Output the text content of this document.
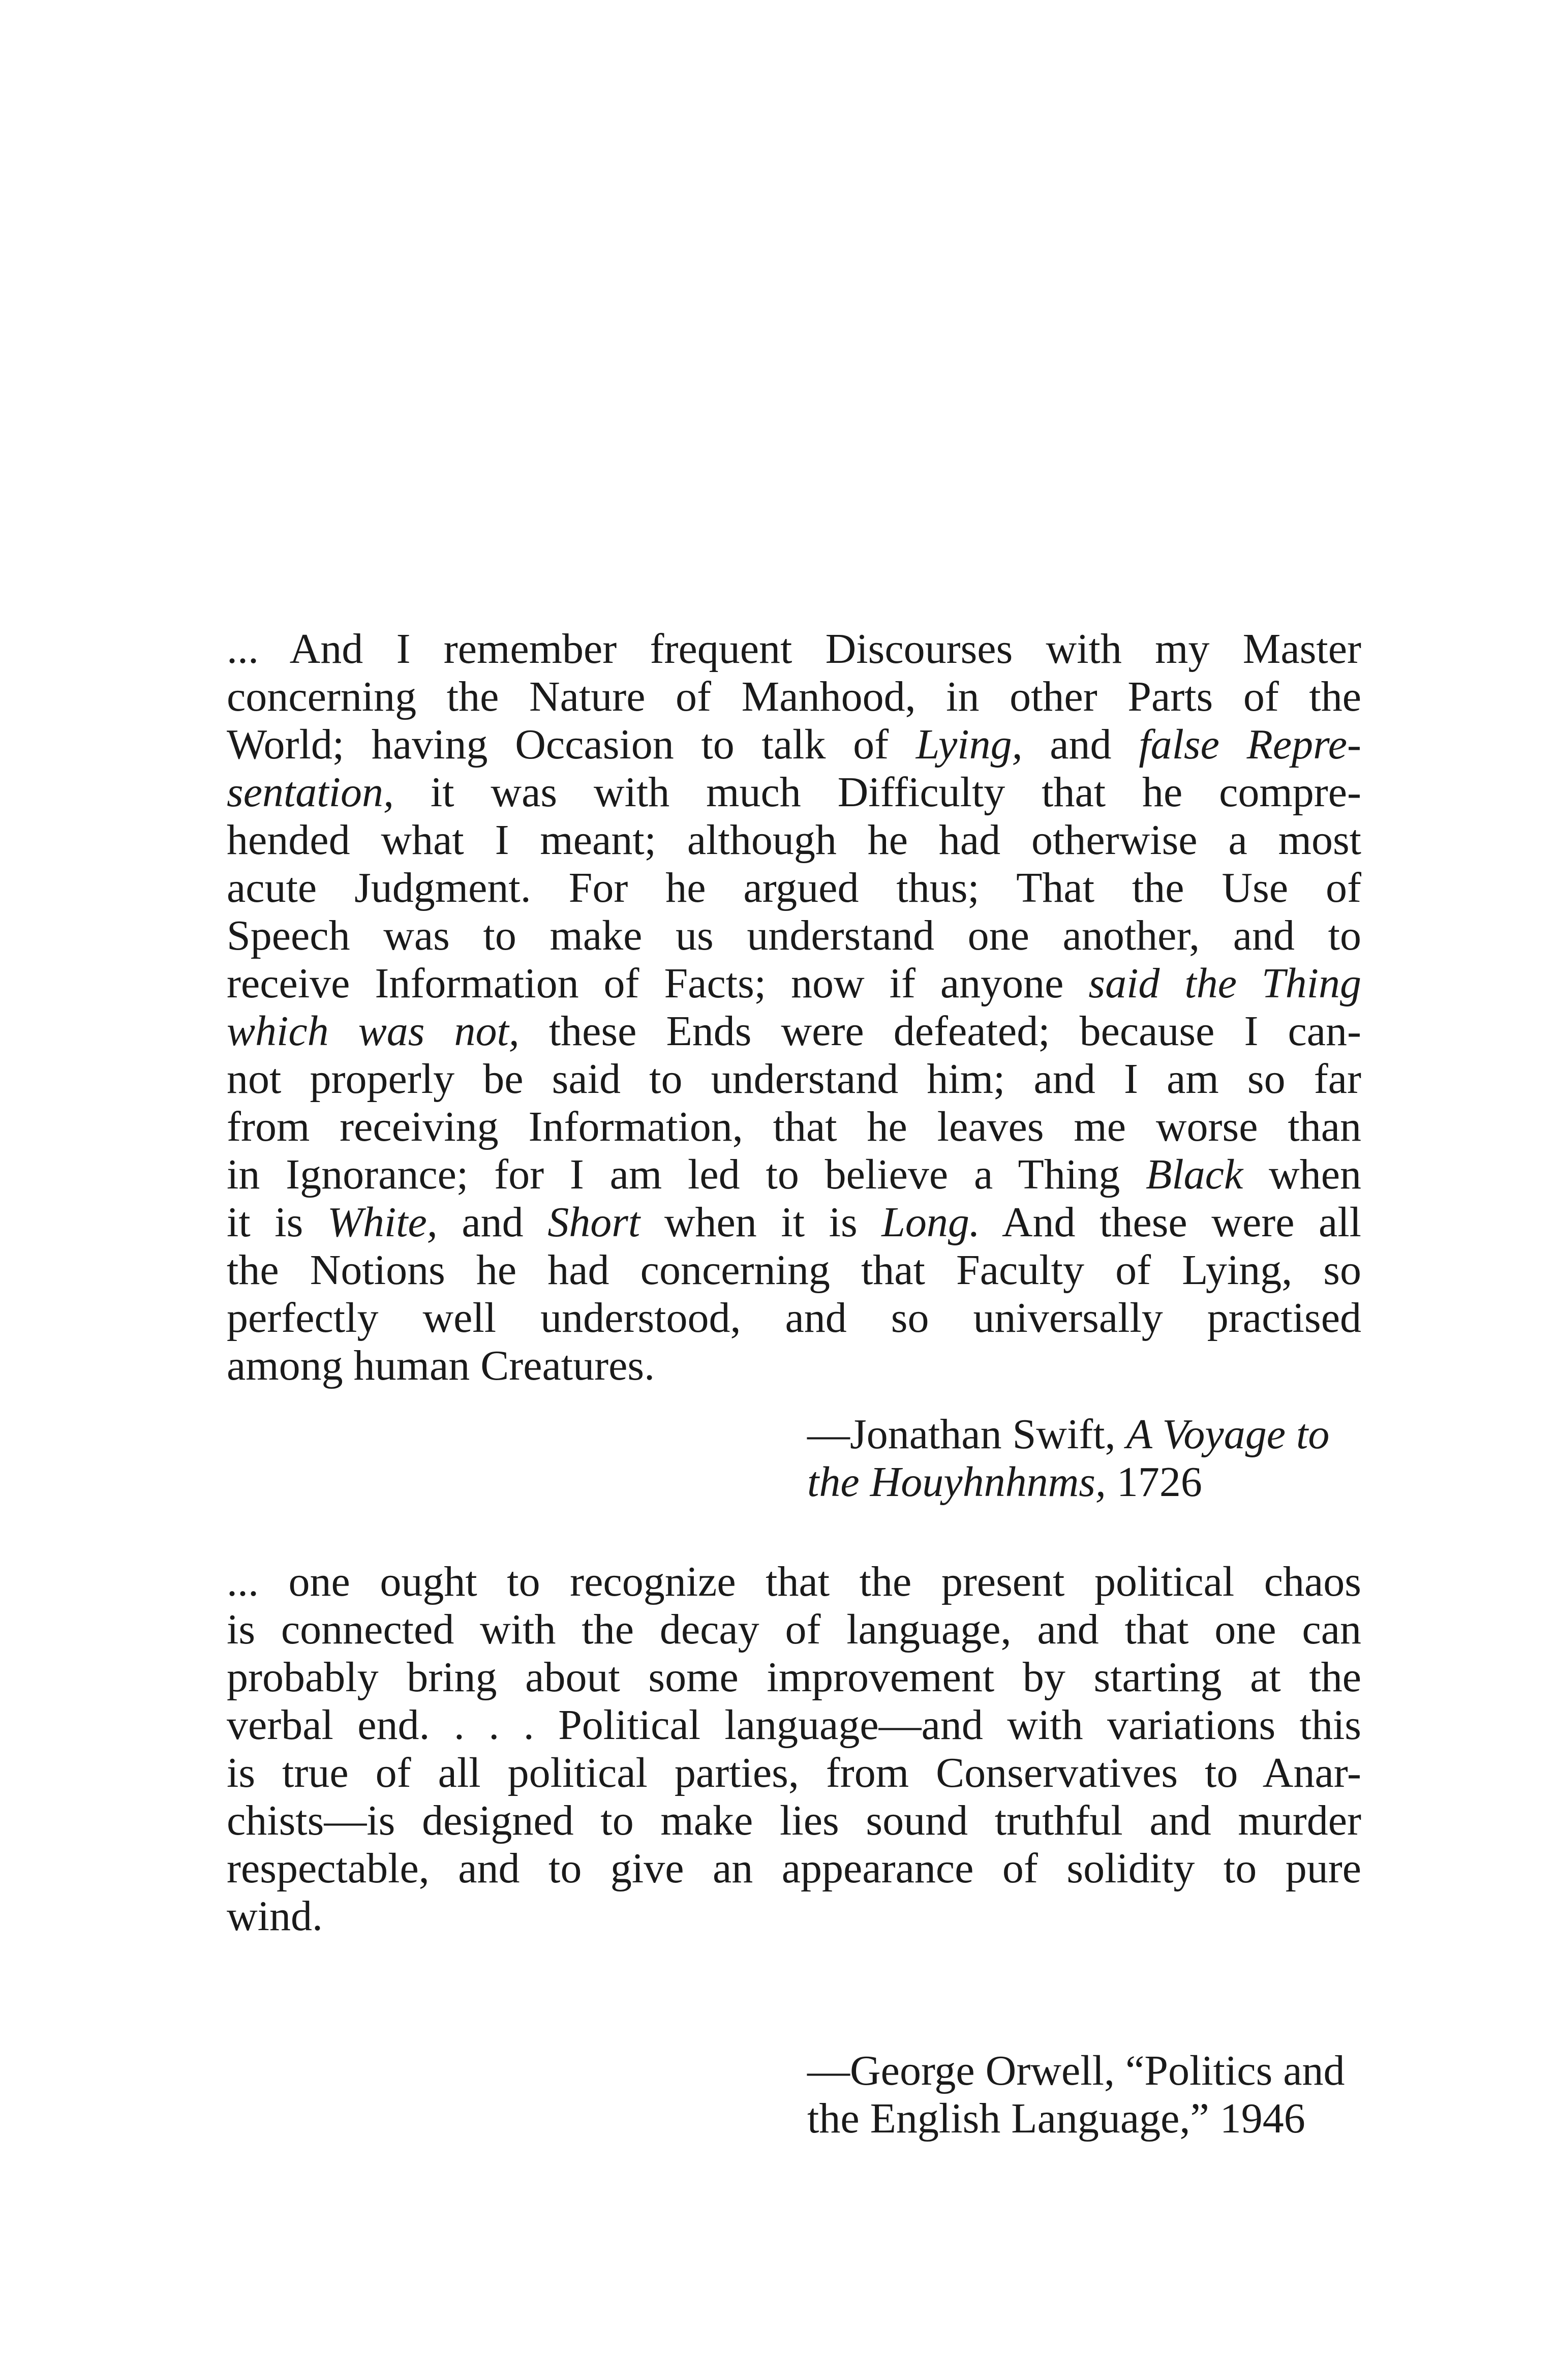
... And I remember frequent Discourses with my Master
concerning the Nature of Manhood, in other Parts of the
World; having Occasion to talk of Lying, and false Repre-
sentation, it was with much Difficulty that he compre-
hended what I meant; although he had otherwise a most
acute Judgment. For he argued thus; That the Use of
Speech was to make us understand one another, and to
receive Information of Facts; now if anyone said the Thing
which was not, these Ends were defeated; because I can-
not properly be said to understand him; and I am so far
from receiving Information, that he leaves me worse than
in Ignorance; for I am led to believe a Thing Black when
it is White, and Short when it is Long. And these were all
the Notions he had concerning that Faculty of Lying, so
perfectly well understood, and so universally practised
among human Creatures.
—Jonathan Swift, A Voyage to
the Houyhnhnms, 1726
... one ought to recognize that the present political chaos
is connected with the decay of language, and that one can
probably bring about some improvement by starting at the
verbal end. . . . Political language—and with variations this
is true of all political parties, from Conservatives to Anar-
chists—is designed to make lies sound truthful and murder
respectable, and to give an appearance of solidity to pure
wind.
—George Orwell, “Politics and
the English Language,” 1946
